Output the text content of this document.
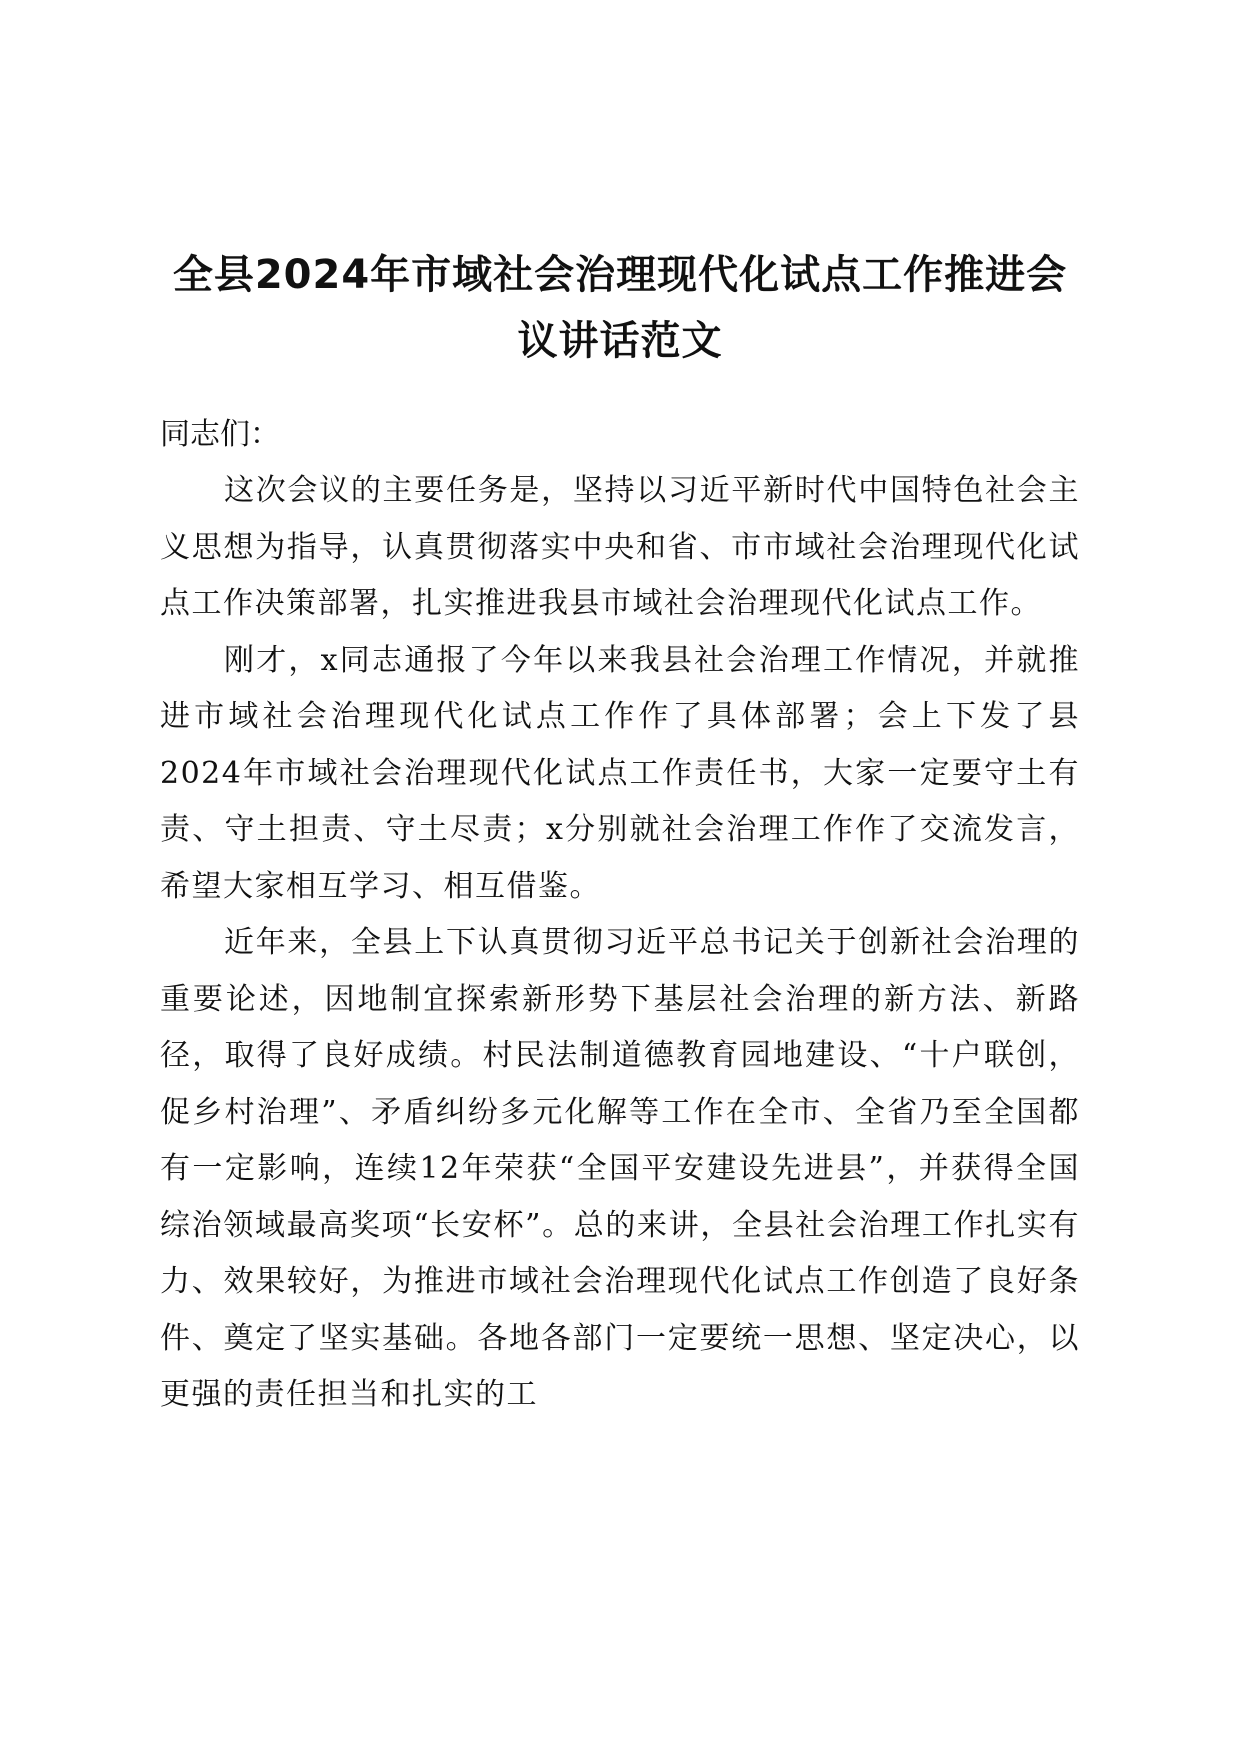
全县2024年市域社会治理现代化试点工作推进会议讲话范文

同志们：

这次会议的主要任务是，坚持以习近平新时代中国特色社会主义思想为指导，认真贯彻落实中央和省、市市域社会治理现代化试点工作决策部署，扎实推进我县市域社会治理现代化试点工作。

刚才，x同志通报了今年以来我县社会治理工作情况，并就推进市域社会治理现代化试点工作作了具体部署；会上下发了县2024年市域社会治理现代化试点工作责任书，大家一定要守土有责、守土担责、守土尽责；x分别就社会治理工作作了交流发言，希望大家相互学习、相互借鉴。

近年来，全县上下认真贯彻习近平总书记关于创新社会治理的重要论述，因地制宜探索新形势下基层社会治理的新方法、新路径，取得了良好成绩。村民法制道德教育园地建设、“十户联创，促乡村治理”、矛盾纠纷多元化解等工作在全市、全省乃至全国都有一定影响，连续12年荣获“全国平安建设先进县”，并获得全国综治领域最高奖项“长安杯”。总的来讲，全县社会治理工作扎实有力、效果较好，为推进市域社会治理现代化试点工作创造了良好条件、奠定了坚实基础。各地各部门一定要统一思想、坚定决心，以更强的责任担当和扎实的工
